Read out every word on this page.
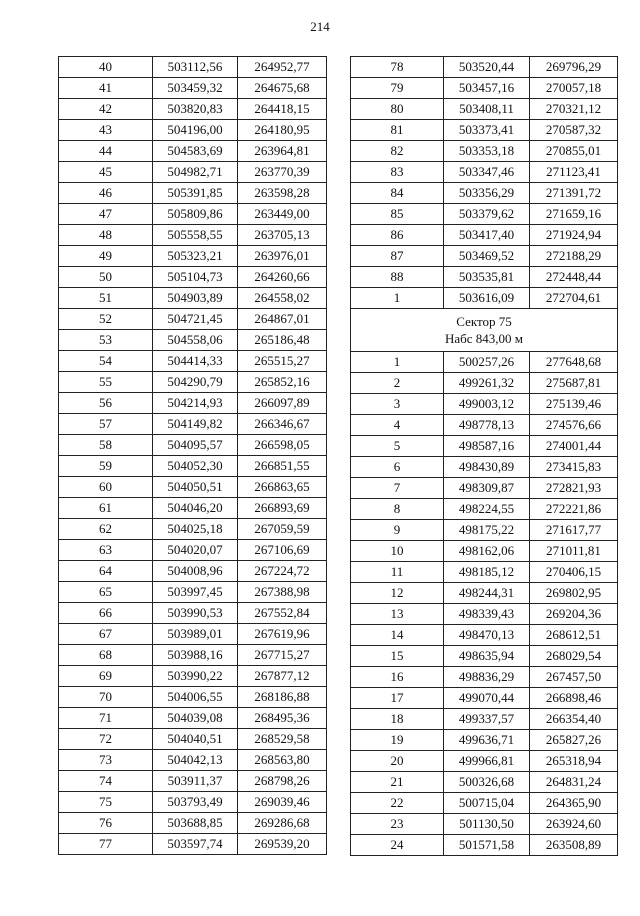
214
40	503112,56	264952,77
41	503459,32	264675,68
42	503820,83	264418,15
43	504196,00	264180,95
44	504583,69	263964,81
45	504982,71	263770,39
46	505391,85	263598,28
47	505809,86	263449,00
48	505558,55	263705,13
49	505323,21	263976,01
50	505104,73	264260,66
51	504903,89	264558,02
52	504721,45	264867,01
53	504558,06	265186,48
54	504414,33	265515,27
55	504290,79	265852,16
56	504214,93	266097,89
57	504149,82	266346,67
58	504095,57	266598,05
59	504052,30	266851,55
60	504050,51	266863,65
61	504046,20	266893,69
62	504025,18	267059,59
63	504020,07	267106,69
64	504008,96	267224,72
65	503997,45	267388,98
66	503990,53	267552,84
67	503989,01	267619,96
68	503988,16	267715,27
69	503990,22	267877,12
70	504006,55	268186,88
71	504039,08	268495,36
72	504040,51	268529,58
73	504042,13	268563,80
74	503911,37	268798,26
75	503793,49	269039,46
76	503688,85	269286,68
77	503597,74	269539,20
78	503520,44	269796,29
79	503457,16	270057,18
80	503408,11	270321,12
81	503373,41	270587,32
82	503353,18	270855,01
83	503347,46	271123,41
84	503356,29	271391,72
85	503379,62	271659,16
86	503417,40	271924,94
87	503469,52	272188,29
88	503535,81	272448,44
1	503616,09	272704,61

Сектор 75
Набс 843,00 м		

1	500257,26	277648,68
2	499261,32	275687,81
3	499003,12	275139,46
4	498778,13	274576,66
5	498587,16	274001,44
6	498430,89	273415,83
7	498309,87	272821,93
8	498224,55	272221,86
9	498175,22	271617,77
10	498162,06	271011,81
11	498185,12	270406,15
12	498244,31	269802,95
13	498339,43	269204,36
14	498470,13	268612,51
15	498635,94	268029,54
16	498836,29	267457,50
17	499070,44	266898,46
18	499337,57	266354,40
19	499636,71	265827,26
20	499966,81	265318,94
21	500326,68	264831,24
22	500715,04	264365,90
23	501130,50	263924,60
24	501571,58	263508,89
